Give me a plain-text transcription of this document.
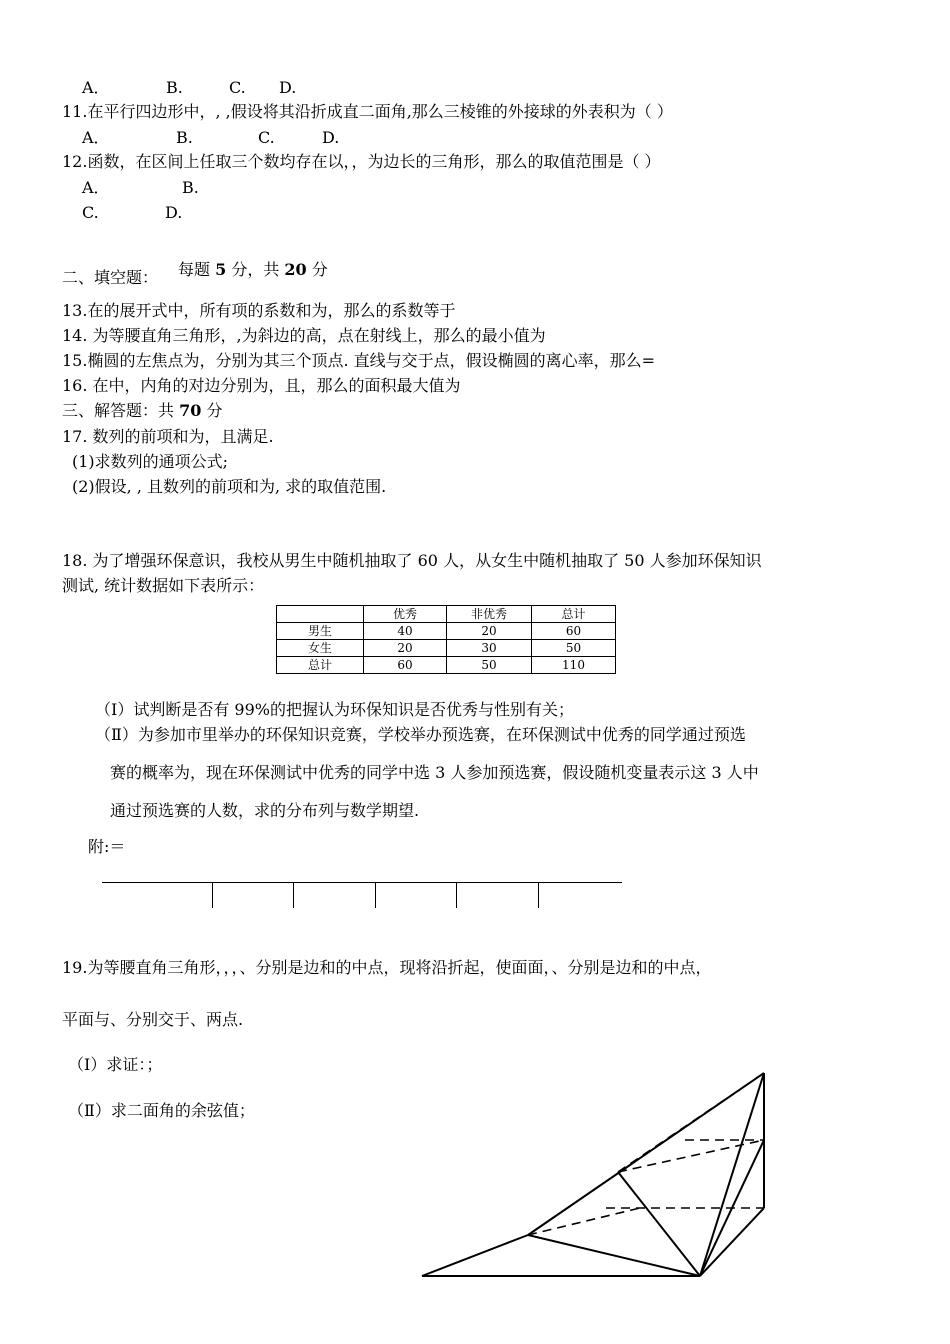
A．	B.	C. D.
11.在平行四边形中，, ,假设将其沿折成直二面角,那么三棱锥的外接球的外表积为（ ）
A．	B.	C.	D.
12.函数，在区间上任取三个数均存在以，，为边长的三角形，那么的取值范围是（ ）
A．	B.
C.	D.
二、填空题： 每题 5 分，共 20 分
13.在的展开式中，所有项的系数和为，那么的系数等于
14. 为等腰直角三角形，,为斜边的高，点在射线上，那么的最小值为
15.椭圆的左焦点为，分别为其三个顶点. 直线与交于点，假设椭圆的离心率，那么=
16. 在中，内角的对边分别为，且，那么的面积最大值为
三、解答题：共 70 分
17. 数列的前项和为，且满足.
(1)求数列的通项公式;
(2)假设, , 且数列的前项和为, 求的取值范围.
18. 为了增强环保意识，我校从男生中随机抽取了 60 人，从女生中随机抽取了 50 人参加环保知识
测试, 统计数据如下表所示：
	优秀	非优秀	总计
男生	40	20	60
女生	20	30	50
总计	60	50	110
（Ⅰ）试判断是否有 99%的把握认为环保知识是否优秀与性别有关；
（Ⅱ）为参加市里举办的环保知识竞赛，学校举办预选赛，在环保测试中优秀的同学通过预选
赛的概率为，现在环保测试中优秀的同学中选 3 人参加预选赛，假设随机变量表示这 3 人中
通过预选赛的人数，求的分布列与数学期望.
附:＝
19.为等腰直角三角形，，，、分别是边和的中点，现将沿折起，使面面，、分别是边和的中点，
平面与、分别交于、两点.
（Ⅰ）求证：；
（Ⅱ）求二面角的余弦值；
